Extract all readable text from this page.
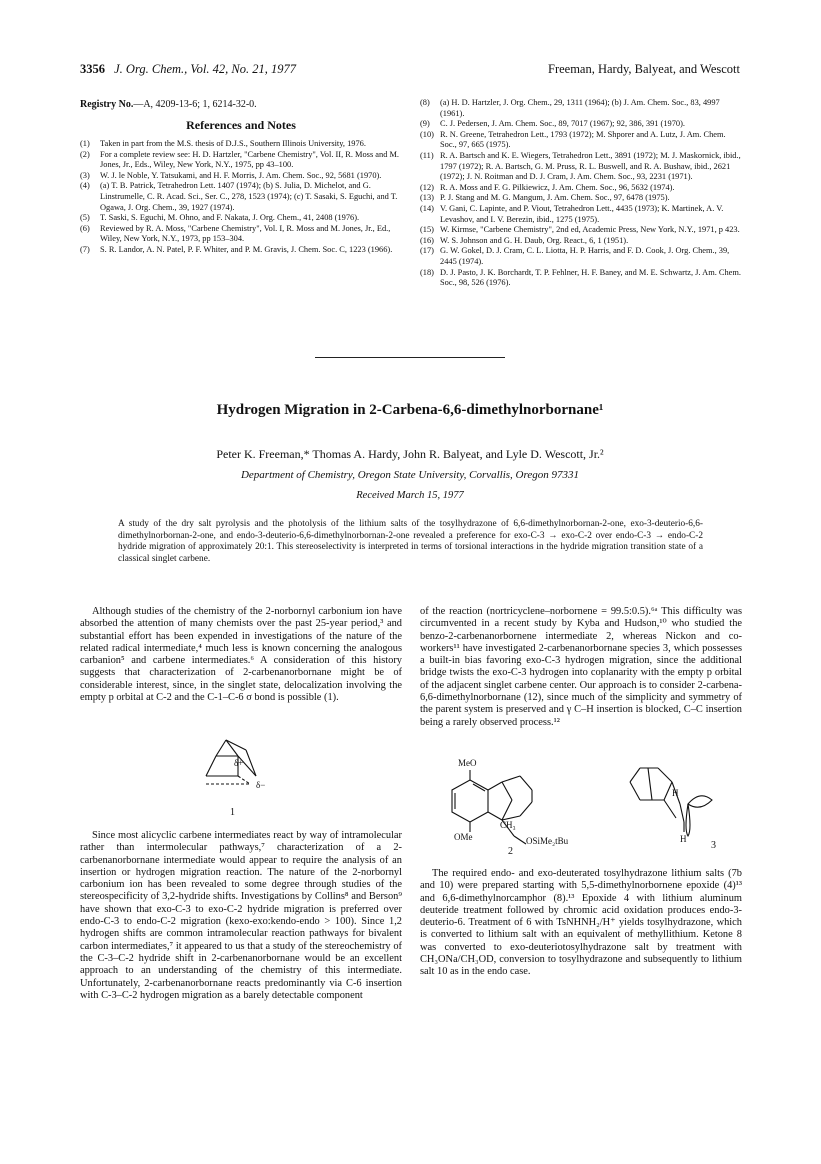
3356 J. Org. Chem., Vol. 42, No. 21, 1977	Freeman, Hardy, Balyeat, and Wescott
Registry No.—A, 4209-13-6; 1, 6214-32-0.
References and Notes
(1) Taken in part from the M.S. thesis of D.J.S., Southern Illinois University, 1976.
(2) For a complete review see: H. D. Hartzler, "Carbene Chemistry", Vol. II, R. Moss and M. Jones, Jr., Eds., Wiley, New York, N.Y., 1975, pp 43–100.
(3) W. J. le Noble, Y. Tatsukami, and H. F. Morris, J. Am. Chem. Soc., 92, 5681 (1970).
(4) (a) T. B. Patrick, Tetrahedron Lett. 1407 (1974); (b) S. Julia, D. Michelot, and G. Linstrumelle, C. R. Acad. Sci., Ser. C., 278, 1523 (1974); (c) T. Sasaki, S. Eguchi, and T. Ogawa, J. Org. Chem., 39, 1927 (1974).
(5) T. Saski, S. Eguchi, M. Ohno, and F. Nakata, J. Org. Chem., 41, 2408 (1976).
(6) Reviewed by R. A. Moss, "Carbene Chemistry", Vol. I, R. Moss and M. Jones, Jr., Ed., Wiley, New York, N.Y., 1973, pp 153–304.
(7) S. R. Landor, A. N. Patel, P. F. Whiter, and P. M. Gravis, J. Chem. Soc. C, 1223 (1966).
(8) (a) H. D. Hartzler, J. Org. Chem., 29, 1311 (1964); (b) J. Am. Chem. Soc., 83, 4997 (1961).
(9) C. J. Pedersen, J. Am. Chem. Soc., 89, 7017 (1967); 92, 386, 391 (1970).
(10) R. N. Greene, Tetrahedron Lett., 1793 (1972); M. Shporer and A. Lutz, J. Am. Chem. Soc., 97, 665 (1975).
(11) R. A. Bartsch and K. E. Wiegers, Tetrahedron Lett., 3891 (1972); M. J. Maskornick, ibid., 1797 (1972); R. A. Bartsch, G. M. Pruss, R. L. Buswell, and R. A. Bushaw, ibid., 2621 (1972); J. N. Roitman and D. J. Cram, J. Am. Chem. Soc., 93, 2231 (1971).
(12) R. A. Moss and F. G. Pilkiewicz, J. Am. Chem. Soc., 96, 5632 (1974).
(13) P. J. Stang and M. G. Mangum, J. Am. Chem. Soc., 97, 6478 (1975).
(14) V. Gani, C. Lapinte, and P. Viout, Tetrahedron Lett., 4435 (1973); K. Martinek, A. V. Levashov, and I. V. Berezin, ibid., 1275 (1975).
(15) W. Kirmse, "Carbene Chemistry", 2nd ed, Academic Press, New York, N.Y., 1971, p 423.
(16) W. S. Johnson and G. H. Daub, Org. React., 6, 1 (1951).
(17) G. W. Gokel, D. J. Cram, C. L. Liotta, H. P. Harris, and F. D. Cook, J. Org. Chem., 39, 2445 (1974).
(18) D. J. Pasto, J. K. Borchardt, T. P. Fehlner, H. F. Baney, and M. E. Schwartz, J. Am. Chem. Soc., 98, 526 (1976).
Hydrogen Migration in 2-Carbena-6,6-dimethylnorbornane¹
Peter K. Freeman,* Thomas A. Hardy, John R. Balyeat, and Lyle D. Wescott, Jr.²
Department of Chemistry, Oregon State University, Corvallis, Oregon 97331
Received March 15, 1977
A study of the dry salt pyrolysis and the photolysis of the lithium salts of the tosylhydrazone of 6,6-dimethylnorbornan-2-one, exo-3-deuterio-6,6-dimethylnorbornan-2-one, and endo-3-deuterio-6,6-dimethylnorbornan-2-one revealed a preference for exo-C-3 → exo-C-2 over endo-C-3 → endo-C-2 hydride migration of approximately 20:1. This stereoselectivity is interpreted in terms of torsional interactions in the hydride migration transition state of a classical singlet carbene.

Although studies of the chemistry of the 2-norbornyl carbonium ion have absorbed the attention of many chemists over the past 25-year period,³ and substantial effort has been expended in investigations of the nature of the related radical intermediate,⁴ much less is known concerning the analogous carbanion⁵ and carbene intermediates.⁶ A consideration of this history suggests that characterization of 2-carbenanorbornane might be of considerable interest, since, in the singlet state, delocalization involving the empty p orbital at C-2 and the C-1–C-6 σ bond is possible (1).

δ+
δ−
1

Since most alicyclic carbene intermediates react by way of intramolecular rather than intermolecular pathways,⁷ characterization of a 2-carbenanorbornane intermediate would appear to require the analysis of an insertion or hydrogen migration reaction. The nature of the 2-norbornyl carbonium ion has been revealed to some degree through studies of the stereospecificity of 3,2-hydride shifts. Investigations by Collins⁸ and Berson⁹ have shown that exo-C-3 to exo-C-2 hydride migration is preferred over endo-C-3 to endo-C-2 migration (kexo-exo:kendo-endo > 100). Since 1,2 hydrogen shifts are common intramolecular reaction pathways for bivalent carbon intermediates,⁷ it appeared to us that a study of the stereochemistry of the C-3–C-2 hydride shift in 2-carbenanorbornane would be an excellent approach to an understanding of the chemistry of this intermediate. Unfortunately, 2-carbenanorbornane reacts predominantly via C-6 insertion with C-3–C-2 hydrogen migration as a barely detectable component

of the reaction (nortricyclene–norbornene = 99.5:0.5).⁶ᵃ This difficulty was circumvented in a recent study by Kyba and Hudson,¹⁰ who studied the benzo-2-carbenanorbornene intermediate 2, whereas Nickon and co-workers¹¹ have investigated 2-carbenanorbornane species 3, which possesses a built-in bias favoring exo-C-3 hydrogen migration, since the additional bridge twists the exo-C-3 hydrogen into coplanarity with the empty p orbital of the adjacent singlet carbene center. Our approach is to consider 2-carbena-6,6-dimethylnorbornane (12), since much of the simplicity and symmetry of the parent system is preserved and γ C–H insertion is blocked, C–C insertion being a rarely observed process.¹²

MeO
OMe
CH₃
OSiMe₂tBu
2
H
H
3

The required endo- and exo-deuterated tosylhydrazone lithium salts (7b and 10) were prepared starting with 5,5-dimethylnorbornene epoxide (4)¹³ and 6,6-dimethylnorcamphor (8).¹³ Epoxide 4 with lithium aluminum deuteride treatment followed by chromic acid oxidation produces endo-3-deuterio-6. Treatment of 6 with TsNHNH₂/H⁺ yields tosylhydrazone, which is converted to lithium salt with an equivalent of methyllithium. Ketone 8 was converted to exo-deuteriotosylhydrazone salt by treatment with CH₃ONa/CH₃OD, conversion to tosylhydrazone and subsequently to lithium salt 10 as in the endo case.
